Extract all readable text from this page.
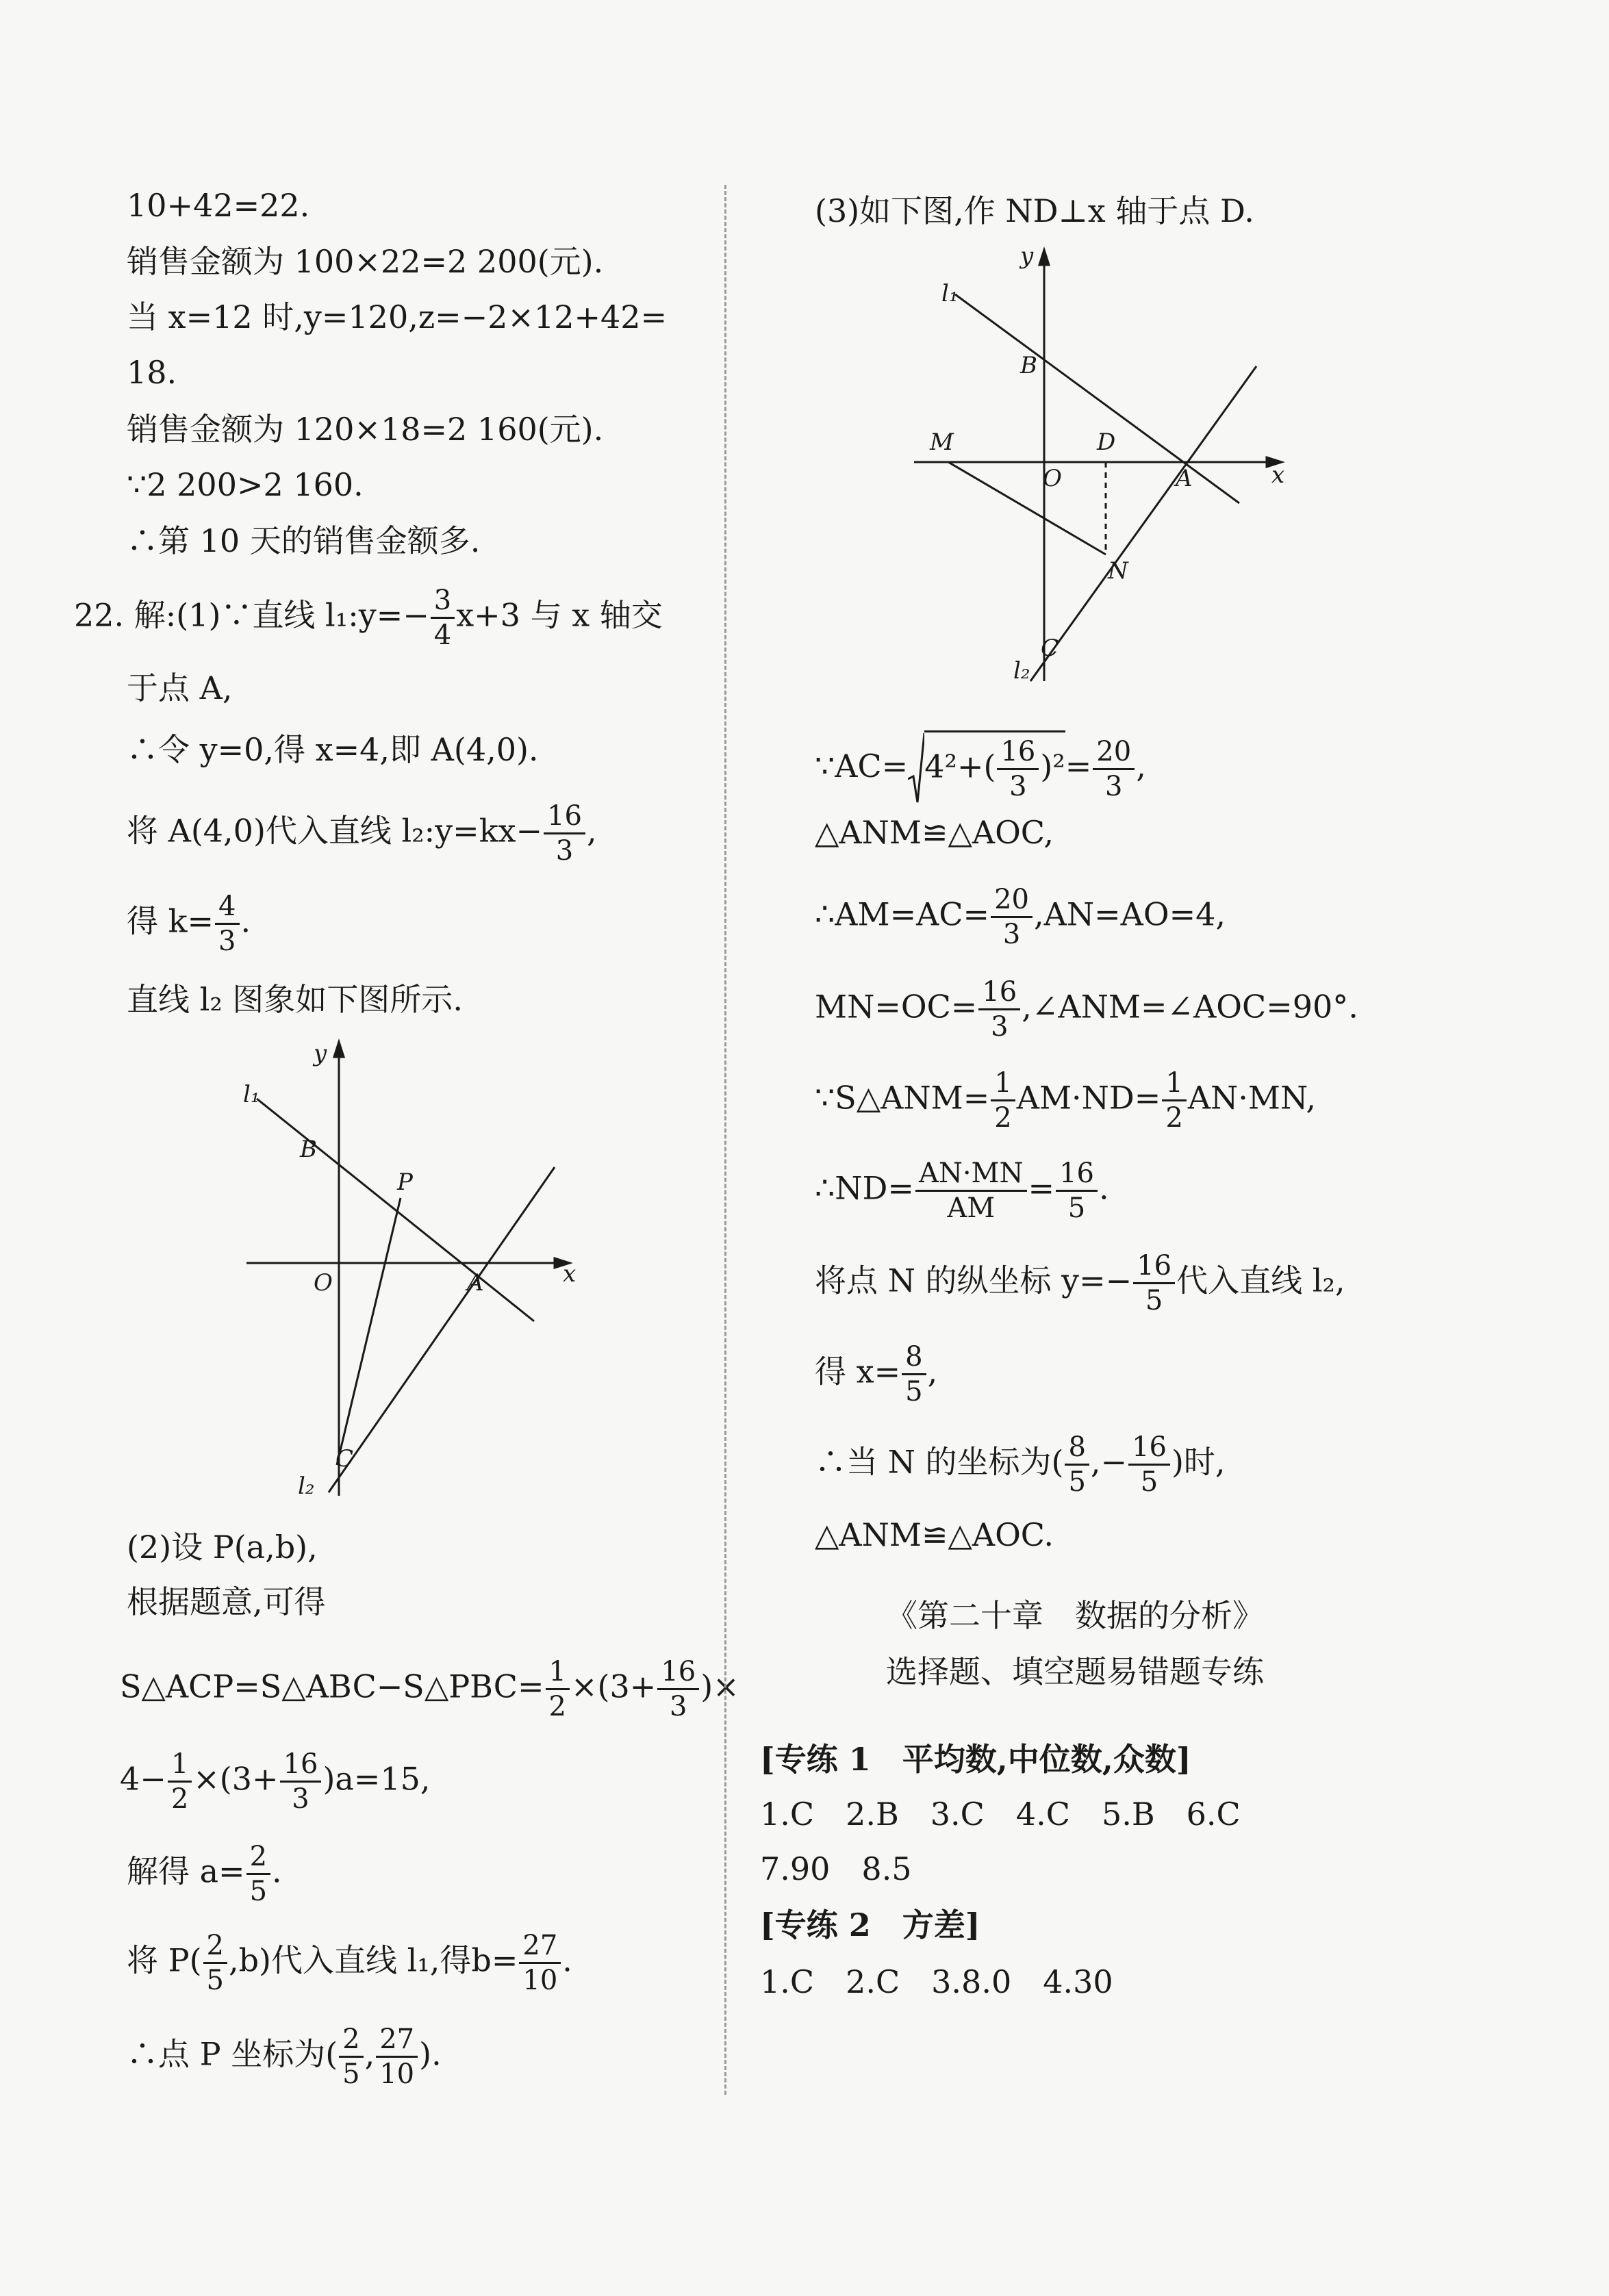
10+42=22.
销售金额为 100×22=2 200(元).
当 x=12 时,y=120,z=−2×12+42=
18.
销售金额为 120×18=2 160(元).
∵2 200>2 160.
∴第 10 天的销售金额多.
22. 解:(1)∵直线 l₁:y=− $\frac{3}{4} x+3$ 与 x 轴交
于点 A,
∴令 y=0,得 x=4,即 A(4,0).
将 A(4,0)代入直线 l₂:y=kx− $\frac{16}{3}$ ,
得 $k= \frac{4}{3}$ .
直线 l₂ 图象如下图所示.
y
x
l₁
B
P
O	A
C
l₂
(2)设 P(a,b),
根据题意,可得
S△ACP=S△ABC−S△PBC= $\frac{1}{2} \times(3+ \frac{16}{3}$ )×
$4- \frac{1}{2} \times(3+ \frac{16}{3} )a=15$,
解得 $a= \frac{2}{5}$ .
将 $P( \frac{2}{5} ,b)$代入直线 l₁,得$b= \frac{27}{10}$ .
∴点 P 坐标为( $\frac{2}{5}$ , $\frac{27}{10}$ ).
(3)如下图,作 ND⊥x 轴于点 D.
y
x
l₁
B
M	D
O	A
N
C
l₂
∵AC= $4^2+( \frac{16}{3} )^2= \frac{20}{3}$ ,
△ANM≌△AOC,
∴AM=AC= $\frac{20}{3} ,AN=AO=4$,
$MN=OC= \frac{16}{3}$ ,∠ANM=∠AOC=90°.
∵S△ANM= $\frac{1}{2} AM\cdot ND= \frac{1}{2} AN\cdot MN$,
∴ND= $\frac{AN\cdot MN}{AM} = \frac{16}{5}$ .
将点 N 的纵坐标 $y=- \frac{16}{5}$ 代入直线 l₂,
得 $x= \frac{8}{5}$ ,
∴当 N 的坐标为( $\frac{8}{5}$ ,− $\frac{16}{5}$ )时,
△ANM≌△AOC.
《第二十章　数据的分析》
选择题、填空题易错题专练
[专练 1　平均数,中位数,众数]
1.C　2.B　3.C　4.C　5.B　6.C
7.90　8.5
[专练 2　方差]
1.C　2.C　3.8.0　4.30
